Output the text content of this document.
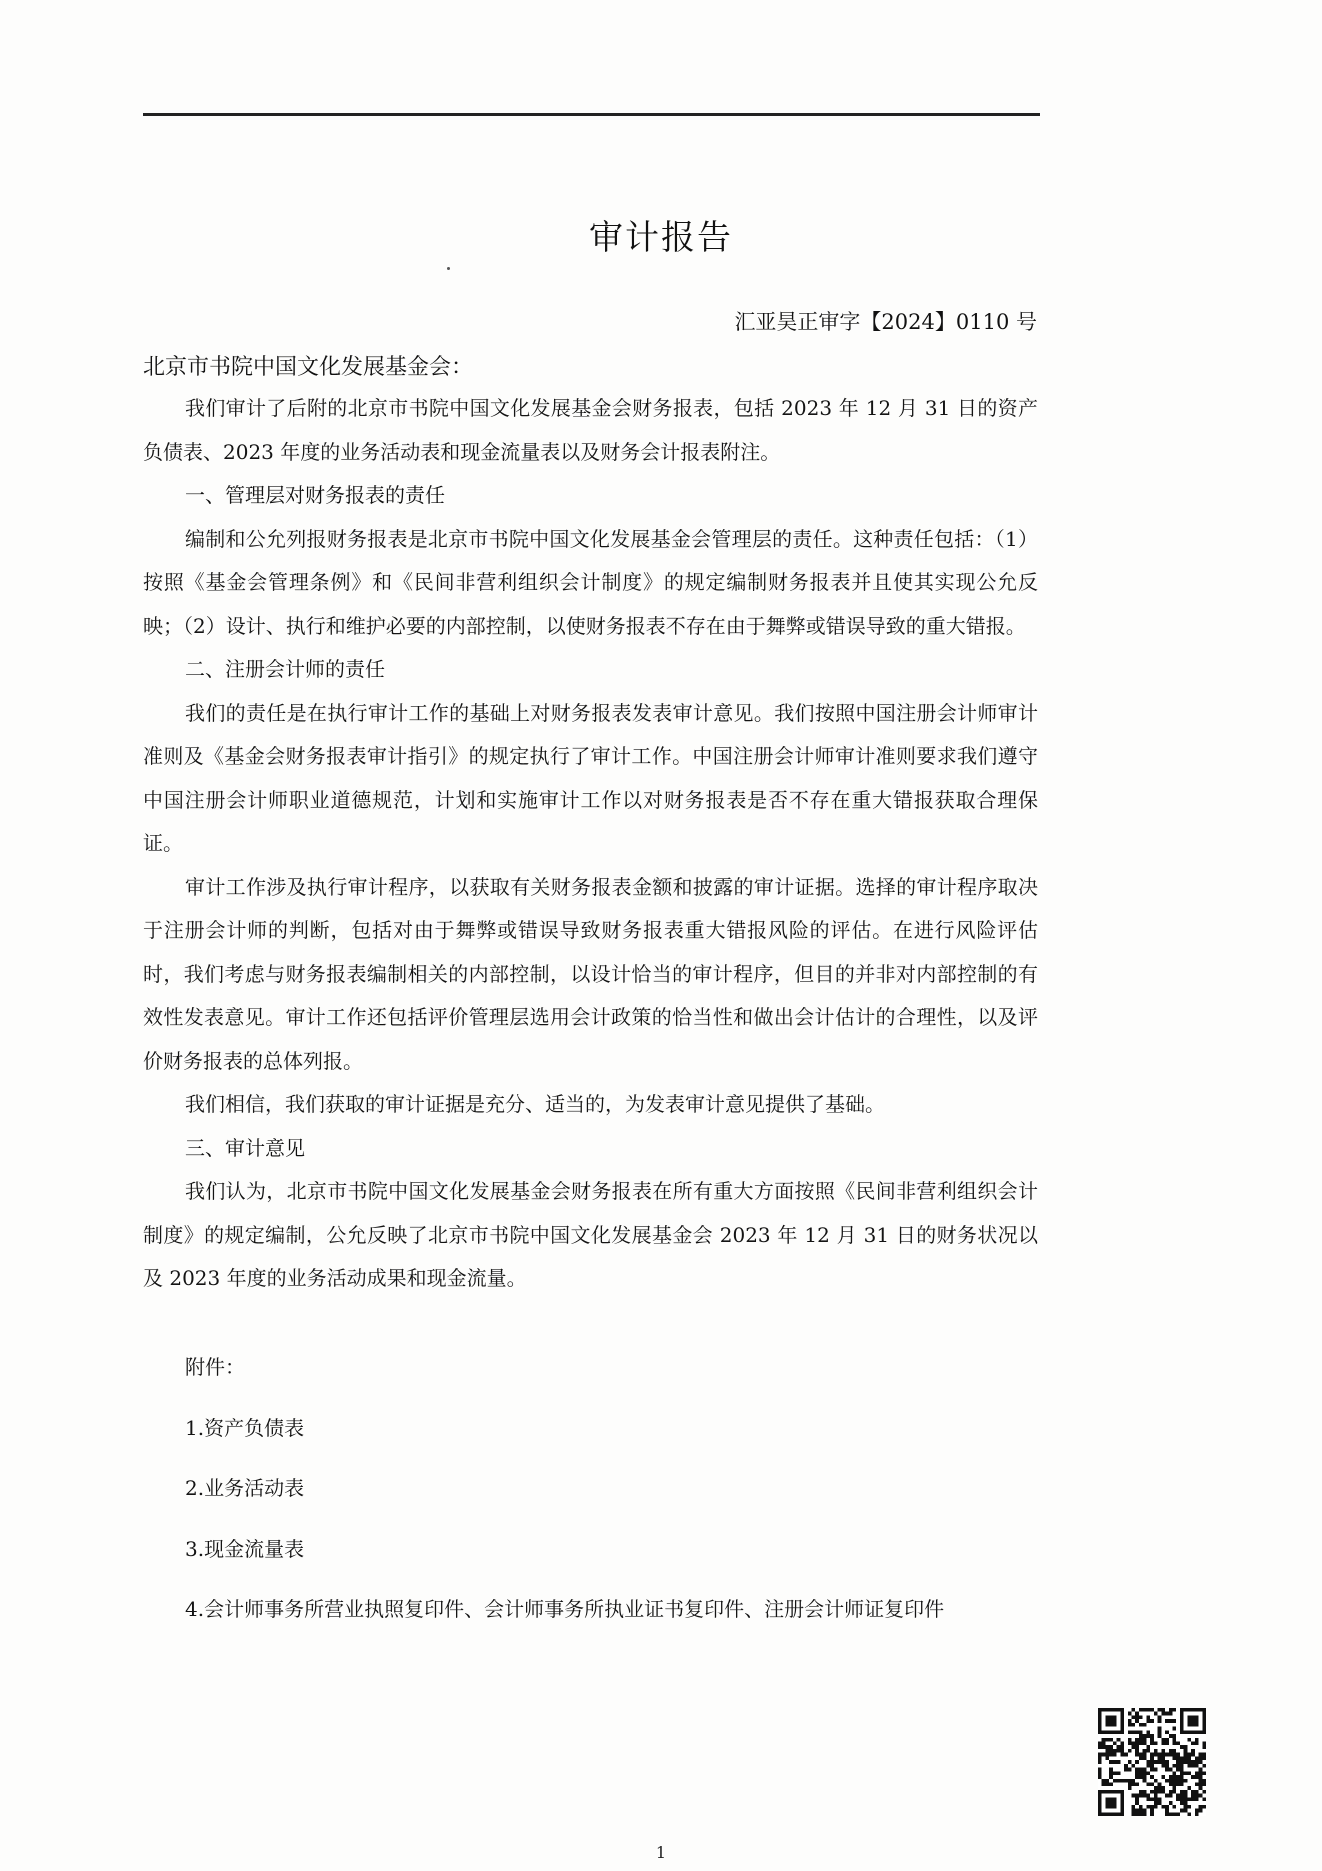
审计报告
汇亚昊正审字【2024】0110 号
北京市书院中国文化发展基金会：

我们审计了后附的北京市书院中国文化发展基金会财务报表，包括 2023 年 12 月 31 日的资产负债表、2023 年度的业务活动表和现金流量表以及财务会计报表附注。

一、管理层对财务报表的责任

编制和公允列报财务报表是北京市书院中国文化发展基金会管理层的责任。这种责任包括：（1）按照《基金会管理条例》和《民间非营利组织会计制度》的规定编制财务报表并且使其实现公允反映；（2）设计、执行和维护必要的内部控制，以使财务报表不存在由于舞弊或错误导致的重大错报。

二、注册会计师的责任

我们的责任是在执行审计工作的基础上对财务报表发表审计意见。我们按照中国注册会计师审计准则及《基金会财务报表审计指引》的规定执行了审计工作。中国注册会计师审计准则要求我们遵守中国注册会计师职业道德规范，计划和实施审计工作以对财务报表是否不存在重大错报获取合理保证。

审计工作涉及执行审计程序，以获取有关财务报表金额和披露的审计证据。选择的审计程序取决于注册会计师的判断，包括对由于舞弊或错误导致财务报表重大错报风险的评估。在进行风险评估时，我们考虑与财务报表编制相关的内部控制，以设计恰当的审计程序，但目的并非对内部控制的有效性发表意见。审计工作还包括评价管理层选用会计政策的恰当性和做出会计估计的合理性，以及评价财务报表的总体列报。

我们相信，我们获取的审计证据是充分、适当的，为发表审计意见提供了基础。

三、审计意见

我们认为，北京市书院中国文化发展基金会财务报表在所有重大方面按照《民间非营利组织会计制度》的规定编制，公允反映了北京市书院中国文化发展基金会 2023 年 12 月 31 日的财务状况以及 2023 年度的业务活动成果和现金流量。

附件：
1.资产负债表
2.业务活动表
3.现金流量表
4.会计师事务所营业执照复印件、会计师事务所执业证书复印件、注册会计师证复印件
1
